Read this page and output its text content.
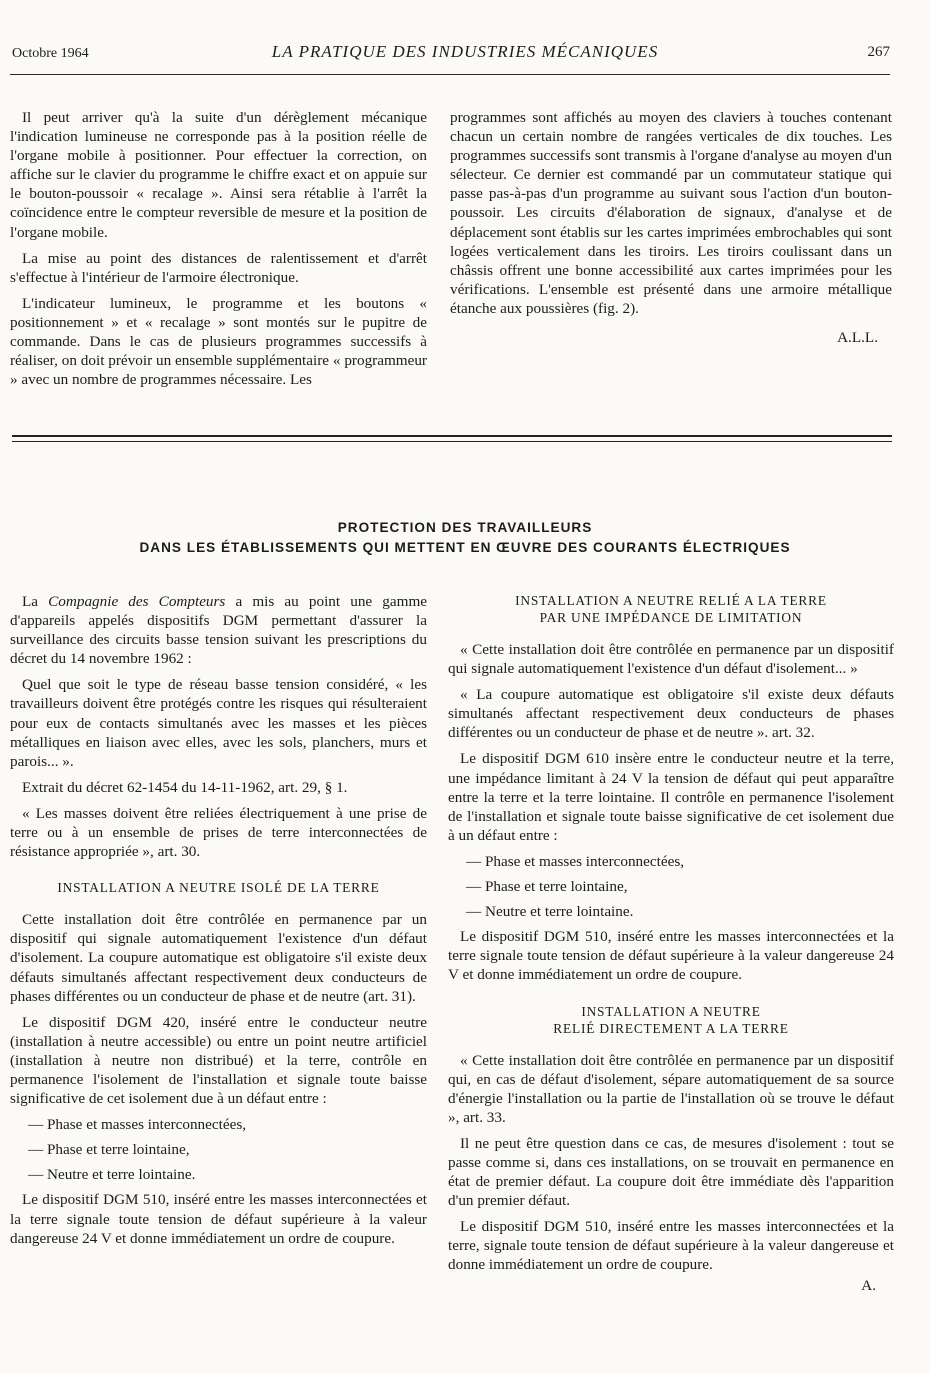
Octobre 1964	LA PRATIQUE DES INDUSTRIES MÉCANIQUES	267

Il peut arriver qu'à la suite d'un dérèglement mécanique l'indication lumineuse ne corresponde pas à la position réelle de l'organe mobile à positionner. Pour effectuer la correction, on affiche sur le clavier du programme le chiffre exact et on appuie sur le bouton-poussoir « recalage ». Ainsi sera rétablie à l'arrêt la coïncidence entre le compteur reversible de mesure et la position de l'organe mobile.

La mise au point des distances de ralentissement et d'arrêt s'effectue à l'intérieur de l'armoire électronique.

L'indicateur lumineux, le programme et les boutons « positionnement » et « recalage » sont montés sur le pupitre de commande. Dans le cas de plusieurs programmes successifs à réaliser, on doit prévoir un ensemble supplémentaire « programmeur » avec un nombre de programmes nécessaire. Les

programmes sont affichés au moyen des claviers à touches contenant chacun un certain nombre de rangées verticales de dix touches. Les programmes successifs sont transmis à l'organe d'analyse au moyen d'un sélecteur. Ce dernier est commandé par un commutateur statique qui passe pas-à-pas d'un programme au suivant sous l'action d'un bouton-poussoir. Les circuits d'élaboration de signaux, d'analyse et de déplacement sont établis sur les cartes imprimées embrochables qui sont logées verticalement dans les tiroirs. Les tiroirs coulissant dans un châssis offrent une bonne accessibilité aux cartes imprimées pour les vérifications. L'ensemble est présenté dans une armoire métallique étanche aux poussières (fig. 2).

A.L.L.
PROTECTION DES TRAVAILLEURS
DANS LES ÉTABLISSEMENTS QUI METTENT EN ŒUVRE DES COURANTS ÉLECTRIQUES

La Compagnie des Compteurs a mis au point une gamme d'appareils appelés dispositifs DGM permettant d'assurer la surveillance des circuits basse tension suivant les prescriptions du décret du 14 novembre 1962 :

Quel que soit le type de réseau basse tension considéré, « les travailleurs doivent être protégés contre les risques qui résulteraient pour eux de contacts simultanés avec les masses et les pièces métalliques en liaison avec elles, avec les sols, planchers, murs et parois... ».

Extrait du décret 62-1454 du 14-11-1962, art. 29, § 1.

« Les masses doivent être reliées électriquement à une prise de terre ou à un ensemble de prises de terre interconnectées de résistance appropriée », art. 30.

INSTALLATION A NEUTRE ISOLÉ DE LA TERRE

Cette installation doit être contrôlée en permanence par un dispositif qui signale automatiquement l'existence d'un défaut d'isolement. La coupure automatique est obligatoire s'il existe deux défauts simultanés affectant respectivement deux conducteurs de phases différentes ou un conducteur de phase et de neutre (art. 31).

Le dispositif DGM 420, inséré entre le conducteur neutre (installation à neutre accessible) ou entre un point neutre artificiel (installation à neutre non distribué) et la terre, contrôle en permanence l'isolement de l'installation et signale toute baisse significative de cet isolement due à un défaut entre :

— Phase et masses interconnectées,
— Phase et terre lointaine,
— Neutre et terre lointaine.

Le dispositif DGM 510, inséré entre les masses interconnectées et la terre signale toute tension de défaut supérieure à la valeur dangereuse 24 V et donne immédiatement un ordre de coupure.

INSTALLATION A NEUTRE RELIÉ A LA TERRE
PAR UNE IMPÉDANCE DE LIMITATION

« Cette installation doit être contrôlée en permanence par un dispositif qui signale automatiquement l'existence d'un défaut d'isolement... »

« La coupure automatique est obligatoire s'il existe deux défauts simultanés affectant respectivement deux conducteurs de phases différentes ou un conducteur de phase et de neutre ». art. 32.

Le dispositif DGM 610 insère entre le conducteur neutre et la terre, une impédance limitant à 24 V la tension de défaut qui peut apparaître entre la terre et la terre lointaine. Il contrôle en permanence l'isolement de l'installation et signale toute baisse significative de cet isolement due à un défaut entre :

— Phase et masses interconnectées,
— Phase et terre lointaine,
— Neutre et terre lointaine.

Le dispositif DGM 510, inséré entre les masses interconnectées et la terre signale toute tension de défaut supérieure à la valeur dangereuse 24 V et donne immédiatement un ordre de coupure.

INSTALLATION A NEUTRE
RELIÉ DIRECTEMENT A LA TERRE

« Cette installation doit être contrôlée en permanence par un dispositif qui, en cas de défaut d'isolement, sépare automatiquement de sa source d'énergie l'installation ou la partie de l'installation où se trouve le défaut », art. 33.

Il ne peut être question dans ce cas, de mesures d'isolement : tout se passe comme si, dans ces installations, on se trouvait en permanence en état de premier défaut. La coupure doit être immédiate dès l'apparition d'un premier défaut.

Le dispositif DGM 510, inséré entre les masses interconnectées et la terre, signale toute tension de défaut supérieure à la valeur dangereuse et donne immédiatement un ordre de coupure.

A.
